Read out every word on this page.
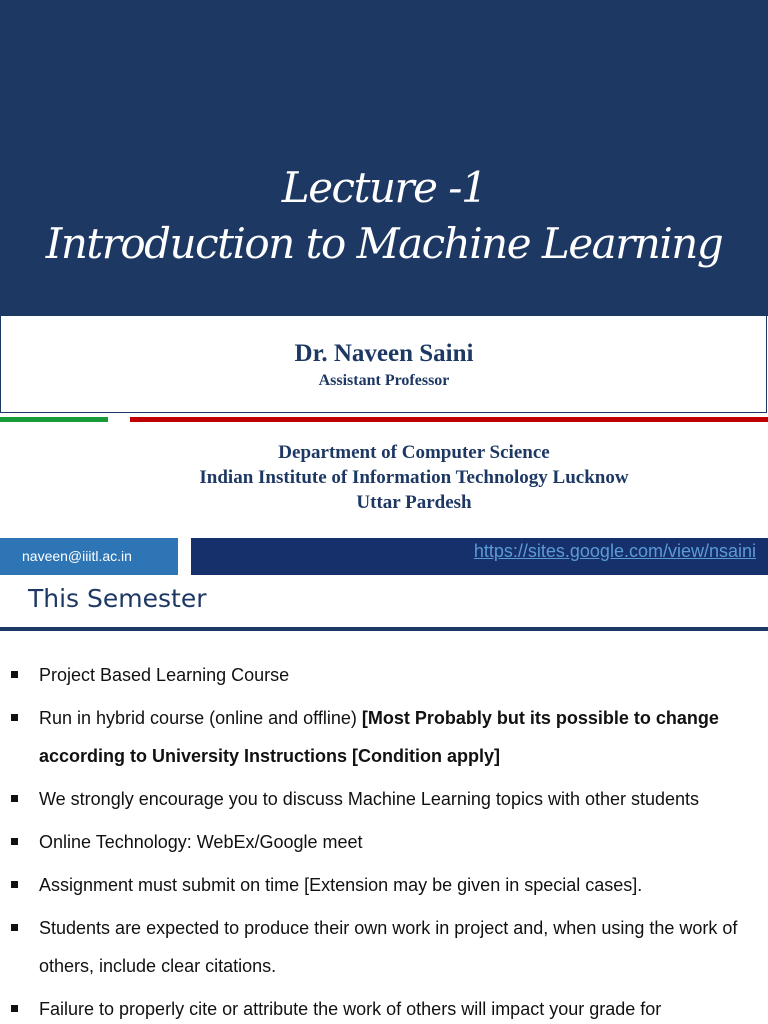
Lecture -1
Introduction to Machine Learning
Dr. Naveen Saini
Assistant Professor
Department of Computer Science
Indian Institute of Information Technology Lucknow
Uttar Pardesh
naveen@iiitl.ac.in	https://sites.google.com/view/nsaini
This Semester
Project Based Learning Course
Run in hybrid course (online and offline) [Most Probably but its possible to change according to University Instructions [Condition apply]
We strongly encourage you to discuss Machine Learning topics with other students
Online Technology: WebEx/Google meet
Assignment must submit on time [Extension may be given in special cases].
Students are expected to produce their own work in project and, when using the work of others, include clear citations.
Failure to properly cite or attribute the work of others will impact your grade for
